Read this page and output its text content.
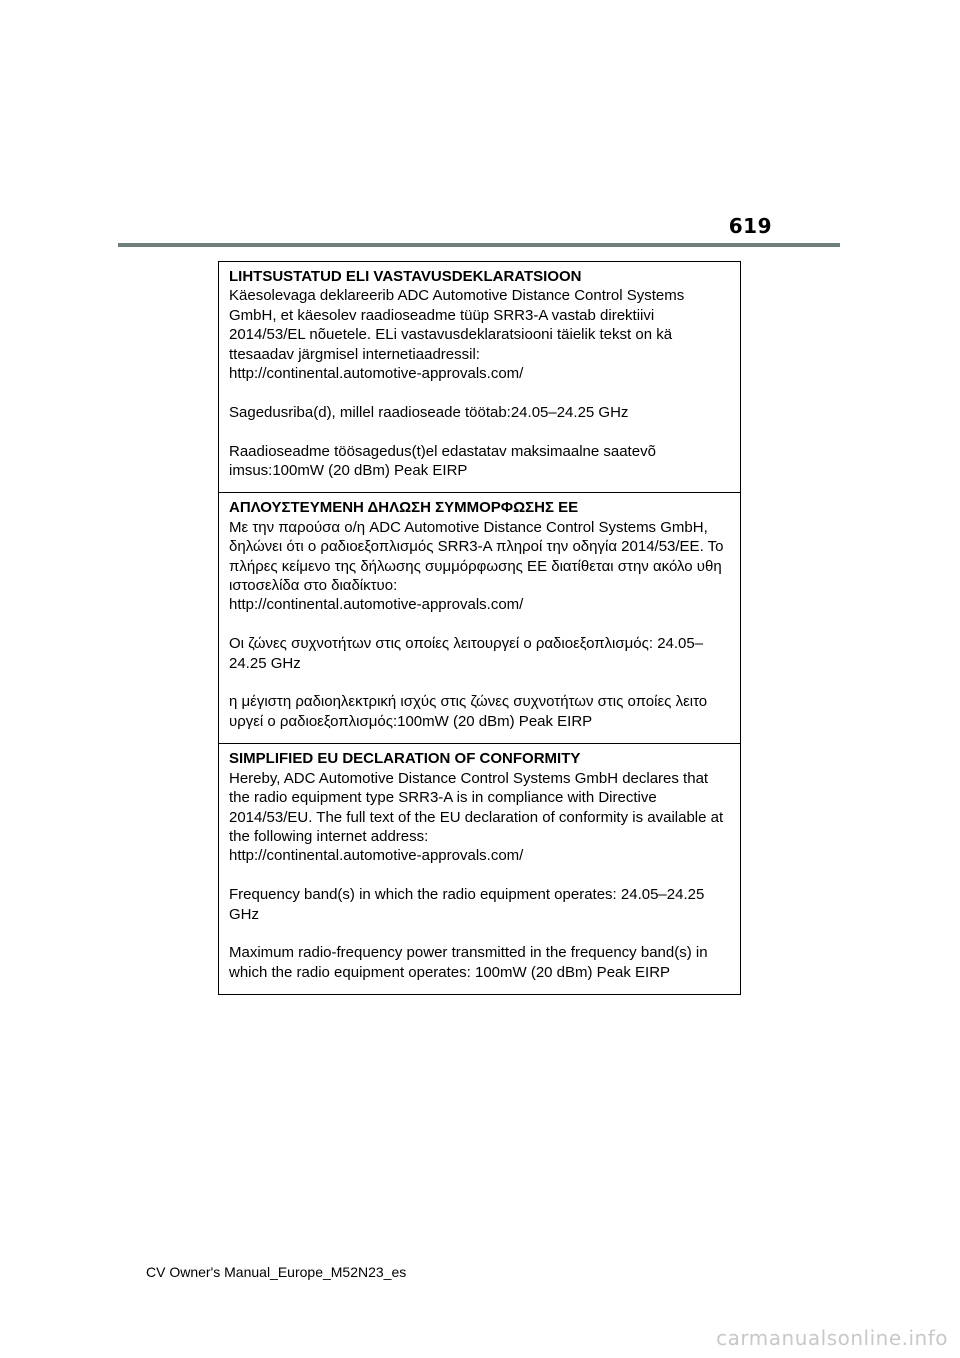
619
LIHTSUSTATUD ELI VASTAVUSDEKLARATSIOON
Käesolevaga deklareerib ADC Automotive Distance Control Systems GmbH, et käesolev raadioseadme tüüp SRR3-A vastab direktiivi 2014/53/EL nõuetele. ELi vastavusdeklaratsiooni täielik tekst on kä ttesaadav järgmisel internetiaadressil:
http://continental.automotive-approvals.com/
Sagedusriba(d), millel raadioseade töötab:24.05–24.25 GHz
Raadioseadme töösagedus(t)el edastatav maksimaalne saatevõ imsus:100mW (20 dBm) Peak EIRP
ΑΠΛΟΥΣΤΕΥΜΕΝΗ ΔΗΛΩΣΗ ΣΥΜΜΟΡΦΩΣΗΣ ΕΕ
Με την παρούσα ο/η ADC Automotive Distance Control Systems GmbH, δηλώνει ότι ο ραδιοεξοπλισμός SRR3-A πληροί την οδηγία 2014/53/ΕΕ. Το πλήρες κείμενο της δήλωσης συμμόρφωσης ΕΕ διατίθεται στην ακόλο υθη ιστοσελίδα στο διαδίκτυο:
http://continental.automotive-approvals.com/
Οι ζώνες συχνοτήτων στις οποίες λειτουργεί ο ραδιοεξοπλισμός: 24.05–24.25 GHz
η μέγιστη ραδιοηλεκτρική ισχύς στις ζώνες συχνοτήτων στις οποίες λειτο υργεί ο ραδιοεξοπλισμός:100mW (20 dBm) Peak EIRP
SIMPLIFIED EU DECLARATION OF CONFORMITY
Hereby, ADC Automotive Distance Control Systems GmbH declares that the radio equipment type SRR3-A is in compliance with Directive 2014/53/EU. The full text of the EU declaration of conformity is available at the following internet address:
http://continental.automotive-approvals.com/
Frequency band(s) in which the radio equipment operates: 24.05–24.25 GHz
Maximum radio-frequency power transmitted in the frequency band(s) in which the radio equipment operates: 100mW (20 dBm) Peak EIRP
CV Owner's Manual_Europe_M52N23_es
carmanualsonline.info
